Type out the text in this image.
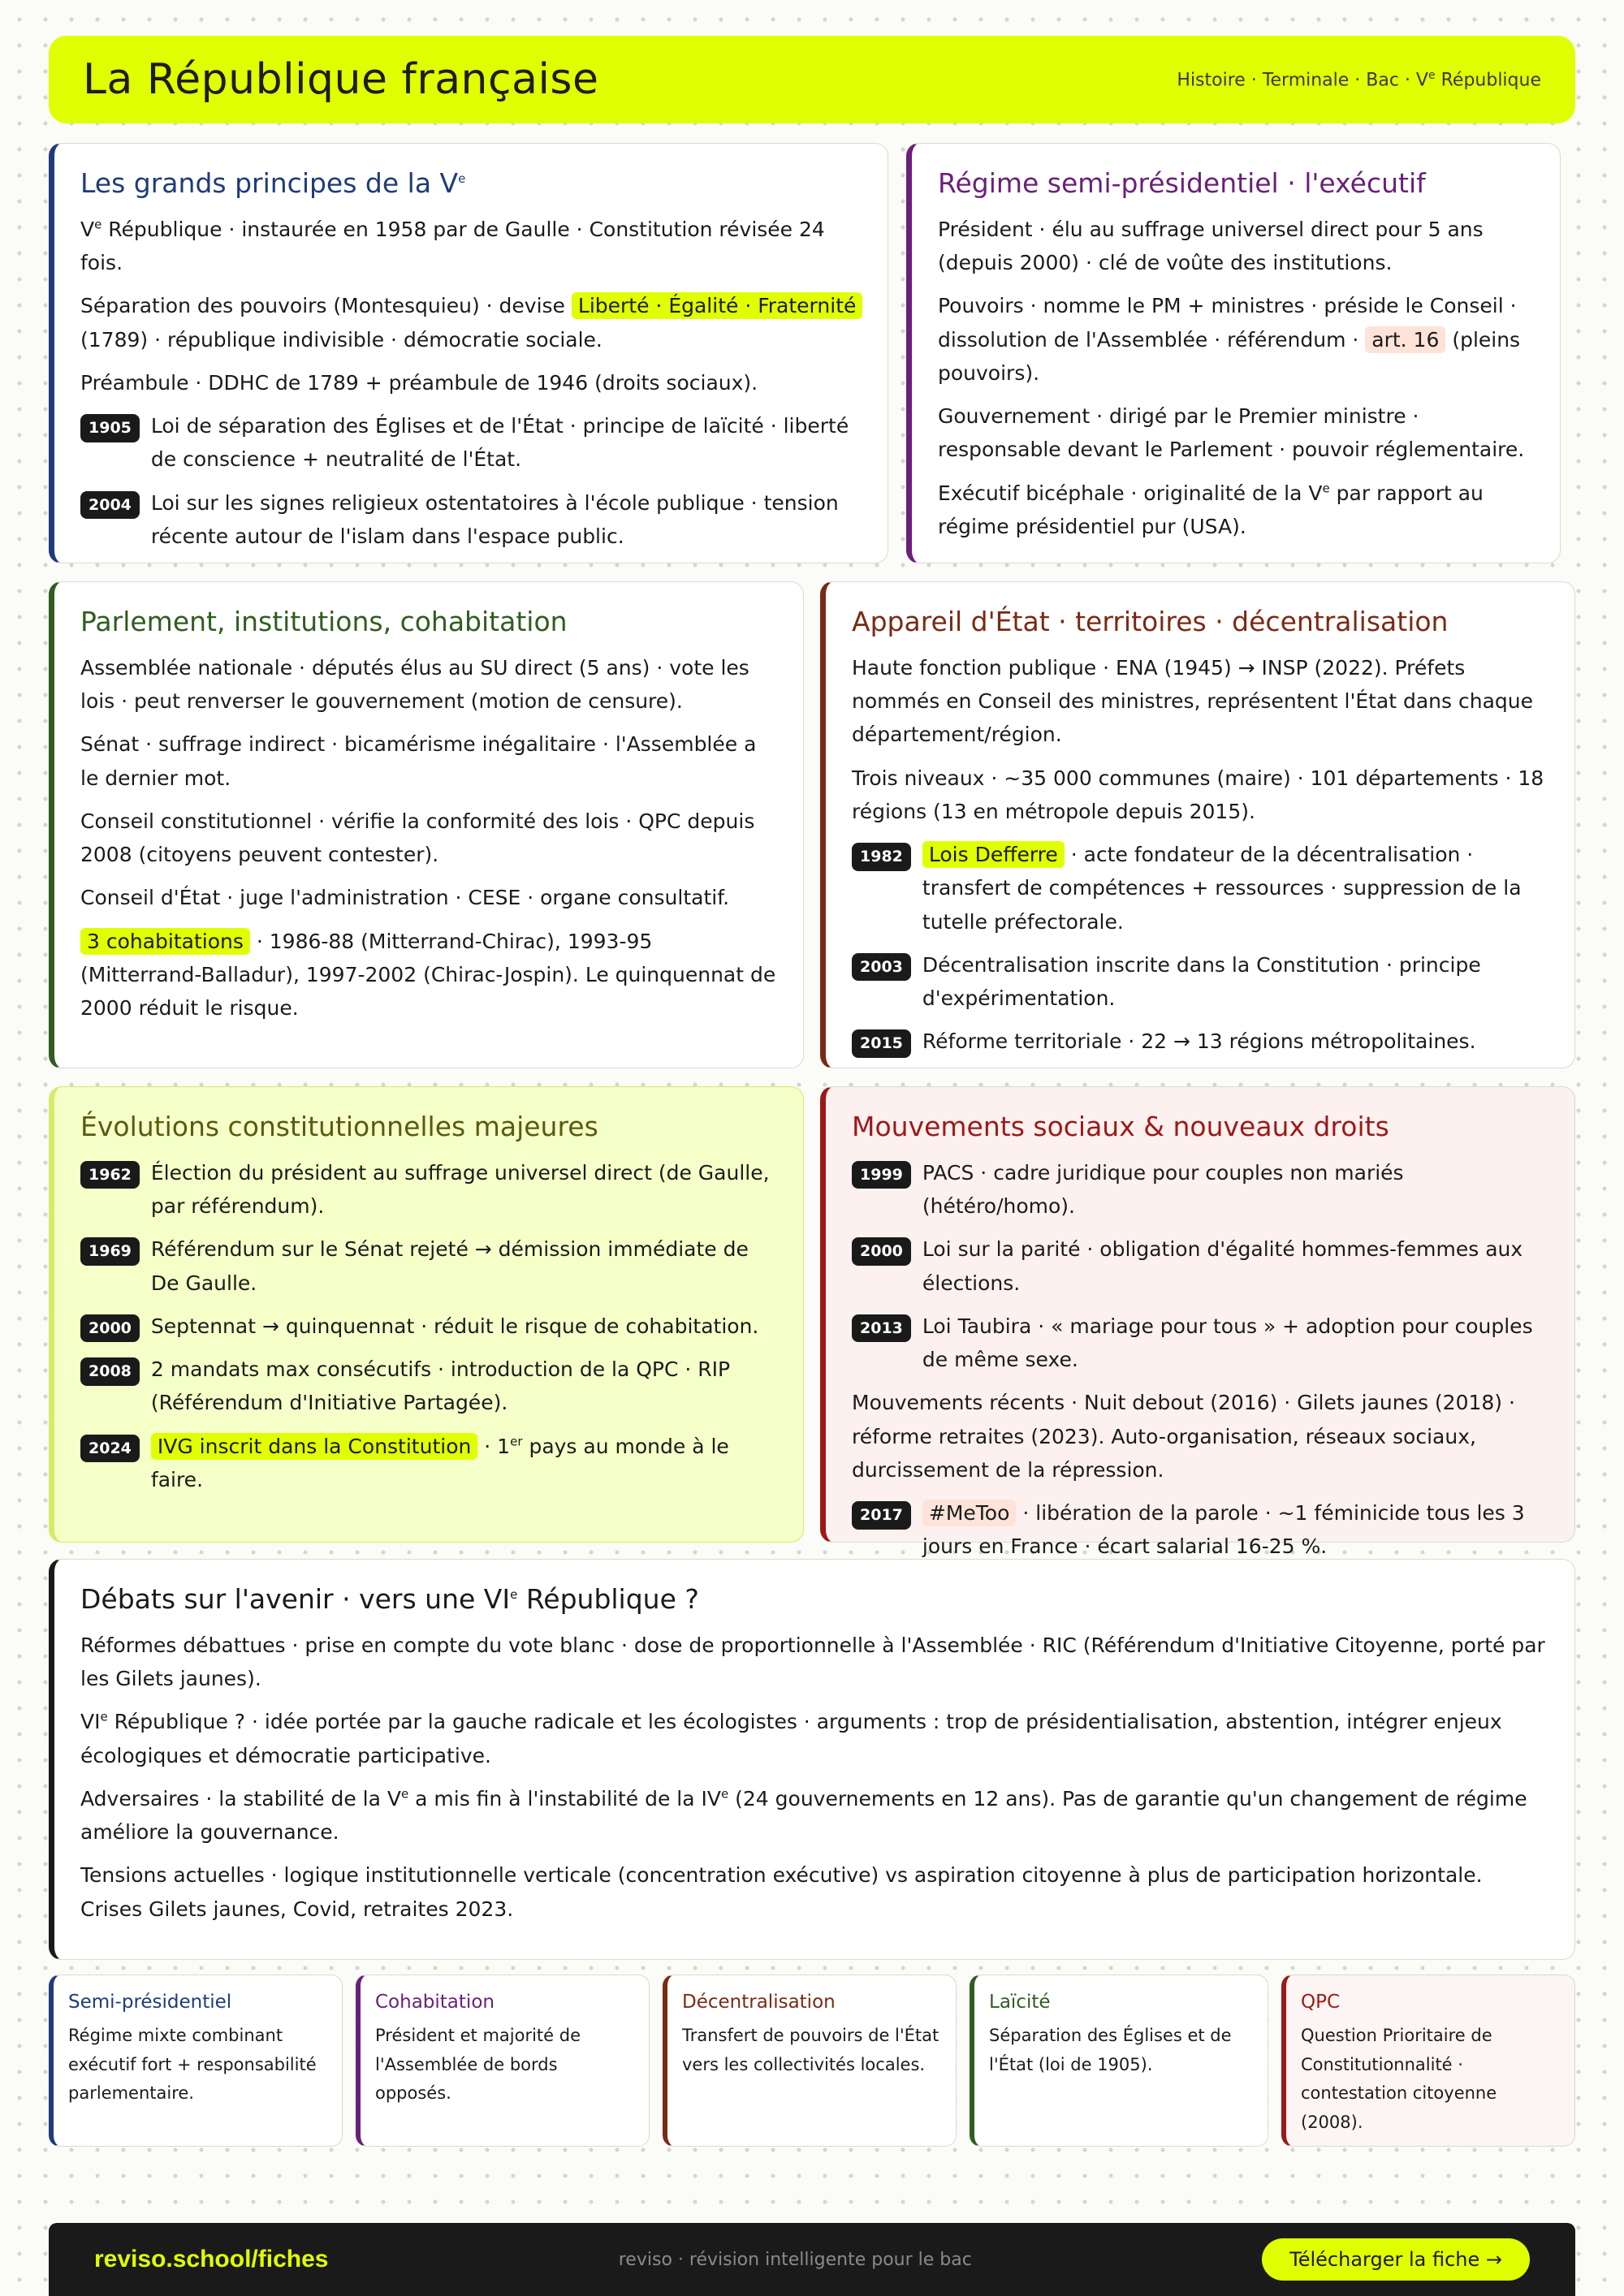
La République française	Histoire · Terminale · Bac · $V^e$ République
Les grands principes de la Ve

Ve République · instaurée en 1958 par de Gaulle · Constitution révisée 24 fois.

Séparation des pouvoirs (Montesquieu) · devise Liberté · Égalité · Fraternité (1789) · république indivisible · démocratie sociale.

Préambule · DDHC de 1789 + préambule de 1946 (droits sociaux).

1905 Loi de séparation des Églises et de l'État · principe de laïcité · liberté de conscience + neutralité de l'État.
2004 Loi sur les signes religieux ostentatoires à l'école publique · tension récente autour de l'islam dans l'espace public.
Régime semi-présidentiel · l'exécutif

Président · élu au suffrage universel direct pour 5 ans (depuis 2000) · clé de voûte des institutions.

Pouvoirs · nomme le PM + ministres · préside le Conseil · dissolution de l'Assemblée · référendum · art. 16 (pleins pouvoirs).

Gouvernement · dirigé par le Premier ministre · responsable devant le Parlement · pouvoir réglementaire.

Exécutif bicéphale · originalité de la Ve par rapport au régime présidentiel pur (USA).

Parlement, institutions, cohabitation

Assemblée nationale · députés élus au SU direct (5 ans) · vote les lois · peut renverser le gouvernement (motion de censure).

Sénat · suffrage indirect · bicamérisme inégalitaire · l'Assemblée a le dernier mot.

Conseil constitutionnel · vérifie la conformité des lois · QPC depuis 2008 (citoyens peuvent contester).

Conseil d'État · juge l'administration · CESE · organe consultatif.

3 cohabitations · 1986-88 (Mitterrand-Chirac), 1993-95 (Mitterrand-Balladur), 1997-2002 (Chirac-Jospin). Le quinquennat de 2000 réduit le risque.

Appareil d'État · territoires · décentralisation

Haute fonction publique · ENA (1945) → INSP (2022). Préfets nommés en Conseil des ministres, représentent l'État dans chaque département/région.

Trois niveaux · ~35 000 communes (maire) · 101 départements · 18 régions (13 en métropole depuis 2015).

1982	Lois Defferre · acte fondateur de la décentralisation · transfert de compétences + ressources · suppression de la tutelle préfectorale.
2003 Décentralisation inscrite dans la Constitution · principe d'expérimentation.
2015 Réforme territoriale · 22 → 13 régions métropolitaines.
Évolutions constitutionnelles majeures
1962 Élection du président au suffrage universel direct (de Gaulle, par référendum).
1969 Référendum sur le Sénat rejeté → démission immédiate de De Gaulle.
2000 Septennat → quinquennat · réduit le risque de cohabitation.
2008 2 mandats max consécutifs · introduction de la QPC · RIP (Référendum d'Initiative Partagée).
2024	IVG inscrit dans la Constitution · 1er pays au monde à le faire.
Mouvements sociaux & nouveaux droits
1999 PACS · cadre juridique pour couples non mariés (hétéro/homo).
2000 Loi sur la parité · obligation d'égalité hommes-femmes aux élections.
2013 Loi Taubira · « mariage pour tous » + adoption pour couples de même sexe.

Mouvements récents · Nuit debout (2016) · Gilets jaunes (2018) · réforme retraites (2023). Auto-organisation, réseaux sociaux, durcissement de la répression.

2017	#MeToo · libération de la parole · ~1 féminicide tous les 3 jours en France · écart salarial 16-25 %.
Débats sur l'avenir · vers une VIe République ?

Réformes débattues · prise en compte du vote blanc · dose de proportionnelle à l'Assemblée · RIC (Référendum d'Initiative Citoyenne, porté par les Gilets jaunes).

VIe République ? · idée portée par la gauche radicale et les écologistes · arguments : trop de présidentialisation, abstention, intégrer enjeux écologiques et démocratie participative.

Adversaires · la stabilité de la Ve a mis fin à l'instabilité de la IVe (24 gouvernements en 12 ans). Pas de garantie qu'un changement de régime améliore la gouvernance.

Tensions actuelles · logique institutionnelle verticale (concentration exécutive) vs aspiration citoyenne à plus de participation horizontale. Crises Gilets jaunes, Covid, retraites 2023.

Semi-présidentiel
Régime mixte combinant exécutif fort + responsabilité parlementaire.
Cohabitation
Président et majorité de l'Assemblée de bords opposés.
Décentralisation
Transfert de pouvoirs de l'État vers les collectivités locales.
Laïcité
Séparation des Églises et de l'État (loi de 1905).
QPC
Question Prioritaire de Constitutionnalité · contestation citoyenne (2008).
reviso.school/fiches	reviso · révision intelligente pour le bac	Télécharger la fiche →
